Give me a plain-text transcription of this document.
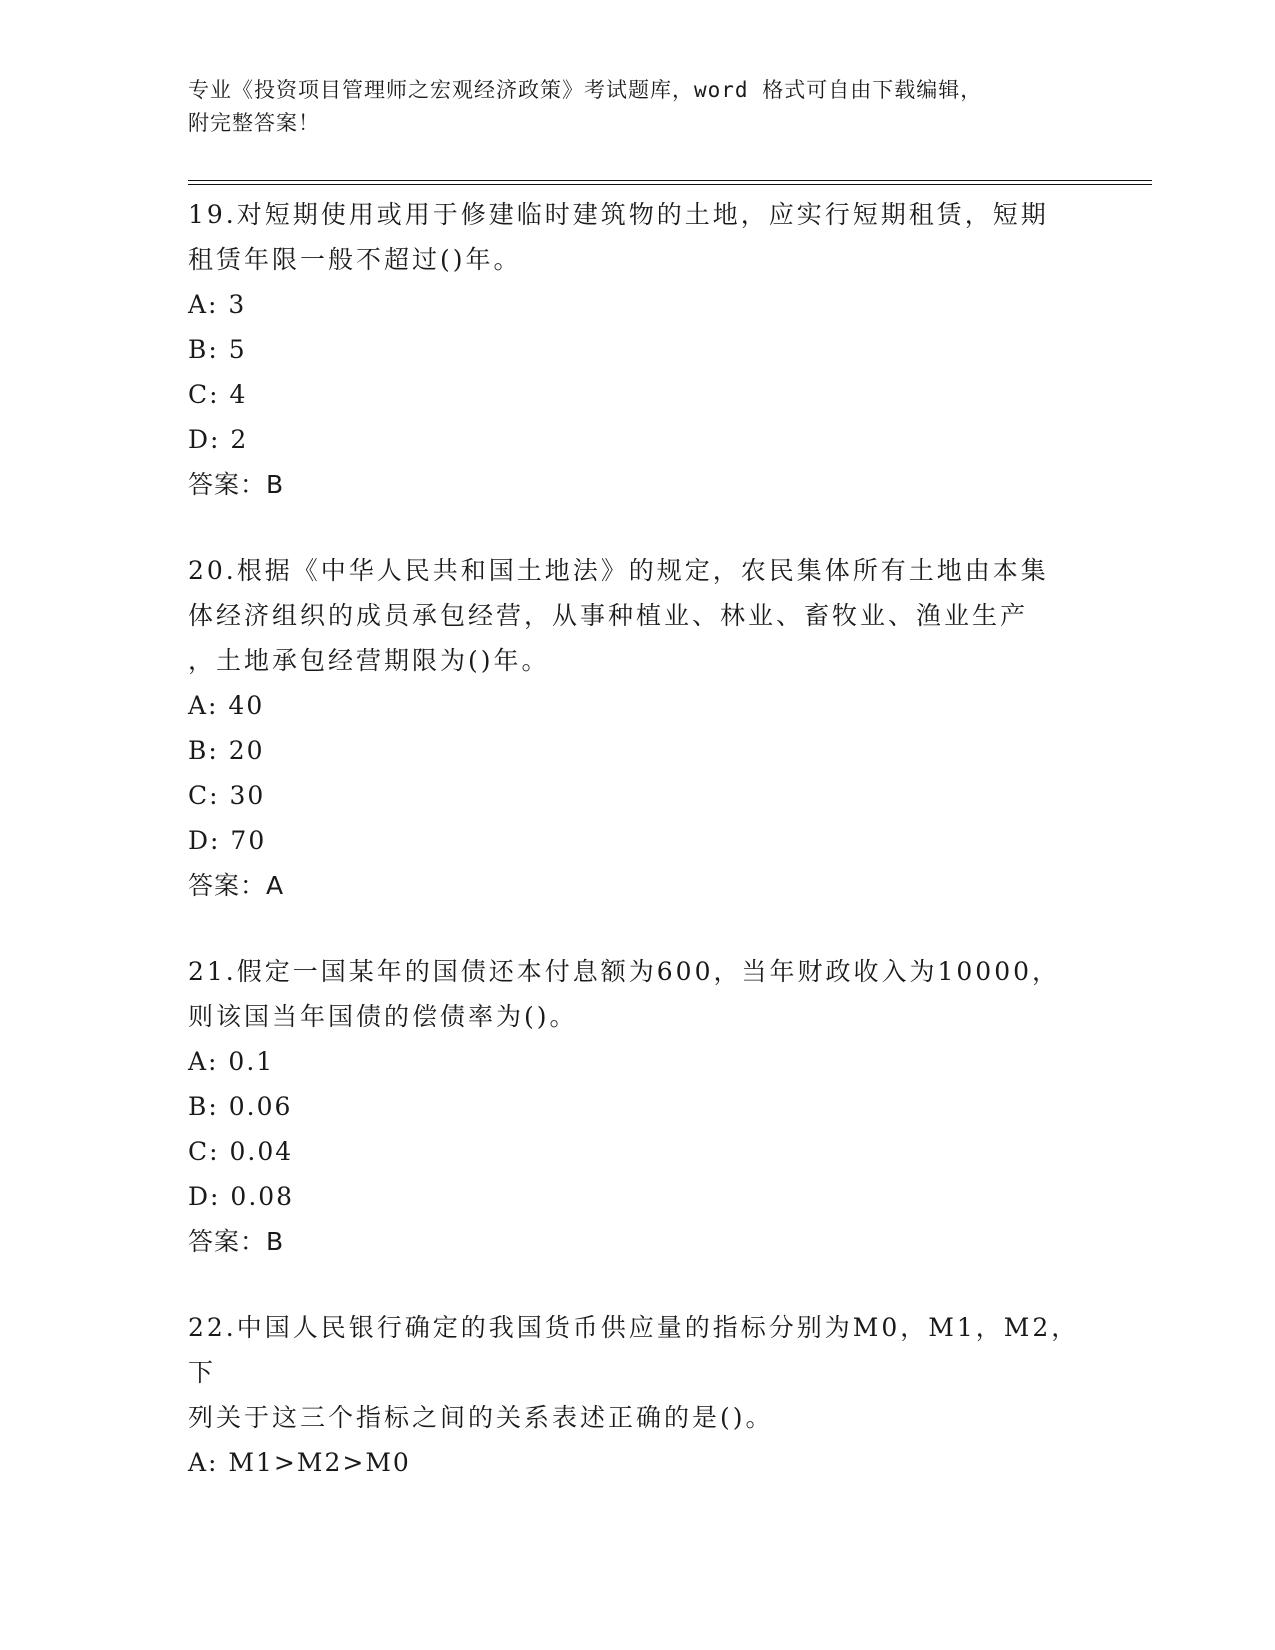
专业《投资项目管理师之宏观经济政策》考试题库，word 格式可自由下载编辑，
附完整答案！
19.对短期使用或用于修建临时建筑物的土地，应实行短期租赁，短期
租赁年限一般不超过()年。
A: 3
B: 5
C: 4
D: 2
答案：B
20.根据《中华人民共和国土地法》的规定，农民集体所有土地由本集
体经济组织的成员承包经营，从事种植业、林业、畜牧业、渔业生产
，土地承包经营期限为()年。
A: 40
B: 20
C: 30
D: 70
答案：A
21.假定一国某年的国债还本付息额为600，当年财政收入为10000，
则该国当年国债的偿债率为()。
A: 0.1
B: 0.06
C: 0.04
D: 0.08
答案：B
22.中国人民银行确定的我国货币供应量的指标分别为M0，M1，M2，下
列关于这三个指标之间的关系表述正确的是()。
A: M1>M2>M0
